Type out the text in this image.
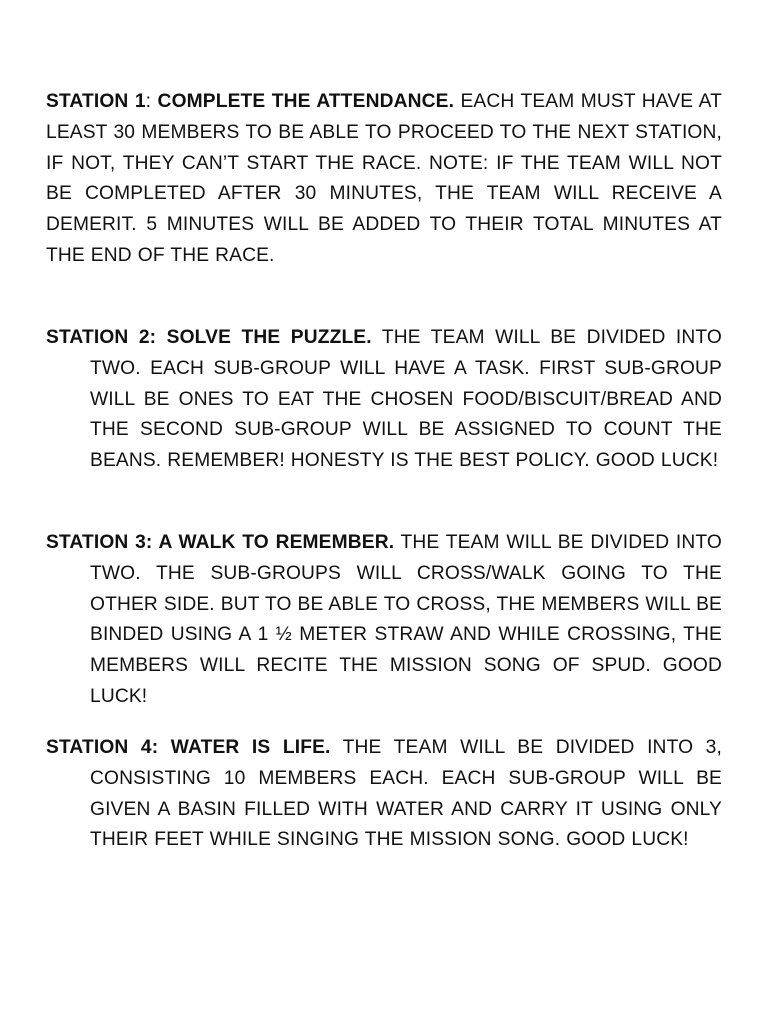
STATION 1: COMPLETE THE ATTENDANCE. EACH TEAM MUST HAVE AT LEAST 30 MEMBERS TO BE ABLE TO PROCEED TO THE NEXT STATION, IF NOT, THEY CAN’T START THE RACE. NOTE: IF THE TEAM WILL NOT BE COMPLETED AFTER 30 MINUTES, THE TEAM WILL RECEIVE A DEMERIT. 5 MINUTES WILL BE ADDED TO THEIR TOTAL MINUTES AT THE END OF THE RACE.

STATION 2: SOLVE THE PUZZLE. THE TEAM WILL BE DIVIDED INTO TWO. EACH SUB-GROUP WILL HAVE A TASK. FIRST SUB-GROUP WILL BE ONES TO EAT THE CHOSEN FOOD/BISCUIT/BREAD AND THE SECOND SUB-GROUP WILL BE ASSIGNED TO COUNT THE BEANS. REMEMBER! HONESTY IS THE BEST POLICY. GOOD LUCK!

STATION 3: A WALK TO REMEMBER. THE TEAM WILL BE DIVIDED INTO TWO. THE SUB-GROUPS WILL CROSS/WALK GOING TO THE OTHER SIDE. BUT TO BE ABLE TO CROSS, THE MEMBERS WILL BE BINDED USING A 1 ½ METER STRAW AND WHILE CROSSING, THE MEMBERS WILL RECITE THE MISSION SONG OF SPUD. GOOD LUCK!

STATION 4: WATER IS LIFE. THE TEAM WILL BE DIVIDED INTO 3, CONSISTING 10 MEMBERS EACH. EACH SUB-GROUP WILL BE GIVEN A BASIN FILLED WITH WATER AND CARRY IT USING ONLY THEIR FEET WHILE SINGING THE MISSION SONG. GOOD LUCK!
